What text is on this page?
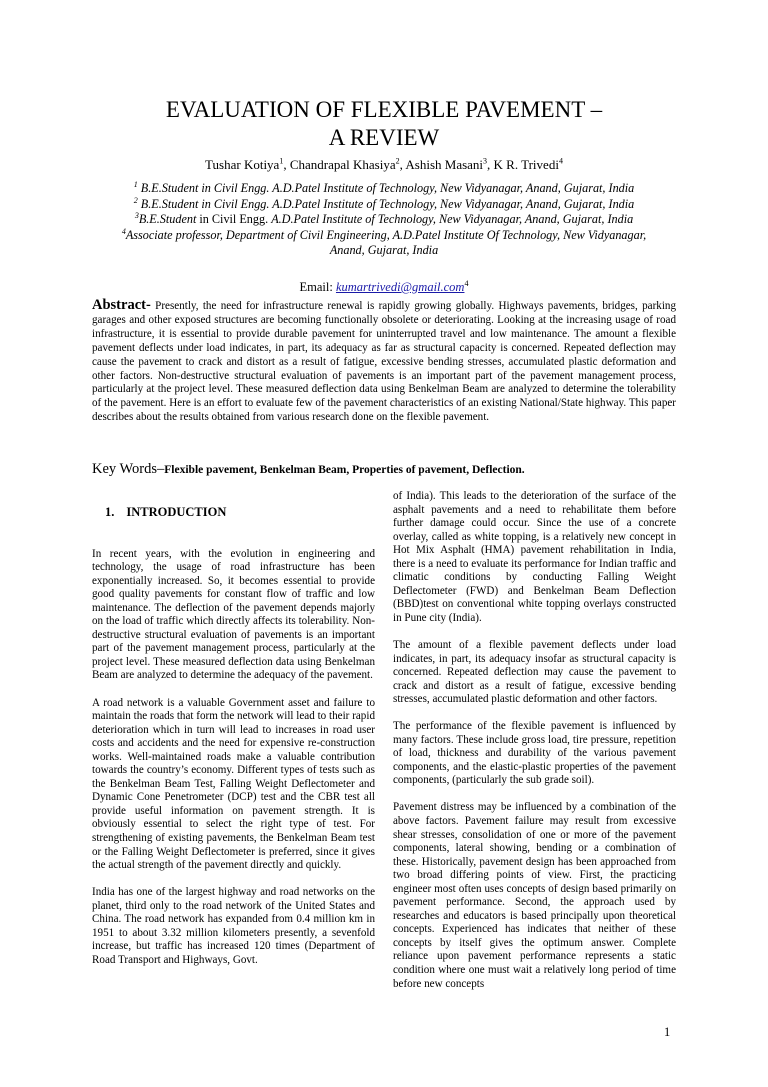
EVALUATION OF FLEXIBLE PAVEMENT –
A REVIEW
Tushar Kotiya$^1$, Chandrapal Khasiya$^2$, Ashish Masani$^3$, K R. Trivedi$^4$
$^1$ B.E.Student in Civil Engg. A.D.Patel Institute of Technology, New Vidyanagar, Anand, Gujarat, India
$^2$ B.E.Student in Civil Engg. A.D.Patel Institute of Technology, New Vidyanagar, Anand, Gujarat, India
$^3$B.E.Student in Civil Engg. A.D.Patel Institute of Technology, New Vidyanagar, Anand, Gujarat, India
$^4$Associate professor, Department of Civil Engineering, A.D.Patel Institute Of Technology, New Vidyanagar,
Anand, Gujarat, India
Email: kumartrivedi@gmail.com$^4$
Abstract- Presently, the need for infrastructure renewal is rapidly growing globally. Highways pavements, bridges, parking garages and other exposed structures are becoming functionally obsolete or deteriorating. Looking at the increasing usage of road infrastructure, it is essential to provide durable pavement for uninterrupted travel and low maintenance. The amount a flexible pavement deflects under load indicates, in part, its adequacy as far as structural capacity is concerned. Repeated deflection may cause the pavement to crack and distort as a result of fatigue, excessive bending stresses, accumulated plastic deformation and other factors. Non-destructive structural evaluation of pavements is an important part of the pavement management process, particularly at the project level. These measured deflection data using Benkelman Beam are analyzed to determine the tolerability of the pavement. Here is an effort to evaluate few of the pavement characteristics of an existing National/State highway. This paper describes about the results obtained from various research done on the flexible pavement.
Key Words–Flexible pavement, Benkelman Beam, Properties of pavement, Deflection.
1. INTRODUCTION

In recent years, with the evolution in engineering and technology, the usage of road infrastructure has been exponentially increased. So, it becomes essential to provide good quality pavements for constant flow of traffic and low maintenance. The deflection of the pavement depends majorly on the load of traffic which directly affects its tolerability. Non-destructive structural evaluation of pavements is an important part of the pavement management process, particularly at the project level. These measured deflection data using Benkelman Beam are analyzed to determine the adequacy of the pavement.

A road network is a valuable Government asset and failure to maintain the roads that form the network will lead to their rapid deterioration which in turn will lead to increases in road user costs and accidents and the need for expensive re-construction works. Well-maintained roads make a valuable contribution towards the country’s economy. Different types of tests such as the Benkelman Beam Test, Falling Weight Deflectometer and Dynamic Cone Penetrometer (DCP) test and the CBR test all provide useful information on pavement strength. It is obviously essential to select the right type of test. For strengthening of existing pavements, the Benkelman Beam test or the Falling Weight Deflectometer is preferred, since it gives the actual strength of the pavement directly and quickly.

India has one of the largest highway and road networks on the planet, third only to the road network of the United States and China. The road network has expanded from 0.4 million km in 1951 to about 3.32 million kilometers presently, a sevenfold increase, but traffic has increased 120 times (Department of Road Transport and Highways, Govt.

of India). This leads to the deterioration of the surface of the asphalt pavements and a need to rehabilitate them before further damage could occur. Since the use of a concrete overlay, called as white topping, is a relatively new concept in Hot Mix Asphalt (HMA) pavement rehabilitation in India, there is a need to evaluate its performance for Indian traffic and climatic conditions by conducting Falling Weight Deflectometer (FWD) and Benkelman Beam Deflection (BBD)test on conventional white topping overlays constructed in Pune city (India).

The amount of a flexible pavement deflects under load indicates, in part, its adequacy insofar as structural capacity is concerned. Repeated deflection may cause the pavement to crack and distort as a result of fatigue, excessive bending stresses, accumulated plastic deformation and other factors.

The performance of the flexible pavement is influenced by many factors. These include gross load, tire pressure, repetition of load, thickness and durability of the various pavement components, and the elastic-plastic properties of the pavement components, (particularly the sub grade soil).

Pavement distress may be influenced by a combination of the above factors. Pavement failure may result from excessive shear stresses, consolidation of one or more of the pavement components, lateral showing, bending or a combination of these. Historically, pavement design has been approached from two broad differing points of view. First, the practicing engineer most often uses concepts of design based primarily on pavement performance. Second, the approach used by researches and educators is based principally upon theoretical concepts. Experienced has indicates that neither of these concepts by itself gives the optimum answer. Complete reliance upon pavement performance represents a static condition where one must wait a relatively long period of time before new concepts

1
